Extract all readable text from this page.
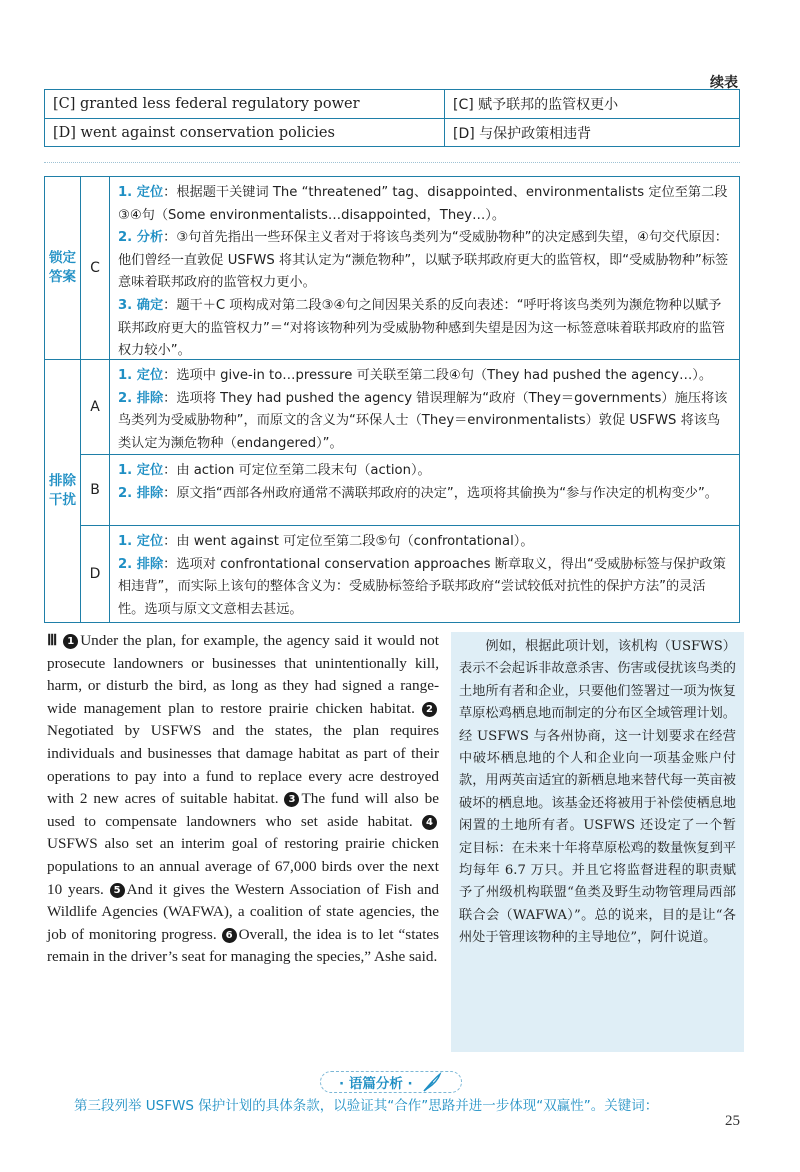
续表
[C] granted less federal regulatory power	[C] 赋予联邦的监管权更小
[D] went against conservation policies	[D] 与保护政策相违背
锁定答案
排除干扰
C
A
B
D
1. 定位：根据题干关键词 The “threatened” tag、disappointed、environmentalists 定位至第二段③④句（Some environmentalists…disappointed，They…）。
2. 分析：③句首先指出一些环保主义者对于将该鸟类列为“受威胁物种”的决定感到失望，④句交代原因：他们曾经一直敦促 USFWS 将其认定为“濒危物种”，以赋予联邦政府更大的监管权，即“受威胁物种”标签意味着联邦政府的监管权力更小。
3. 确定：题干＋C 项构成对第二段③④句之间因果关系的反向表述：“呼吁将该鸟类列为濒危物种以赋予联邦政府更大的监管权力”＝“对将该物种列为受威胁物种感到失望是因为这一标签意味着联邦政府的监管权力较小”。
1. 定位：选项中 give-in to…pressure 可关联至第二段④句（They had pushed the agency…）。
2. 排除：选项将 They had pushed the agency 错误理解为“政府（They＝governments）施压将该鸟类列为受威胁物种”，而原文的含义为“环保人士（They＝environmentalists）敦促 USFWS 将该鸟类认定为濒危物种（endangered）”。
1. 定位：由 action 可定位至第二段末句（action）。
2. 排除：原文指“西部各州政府通常不满联邦政府的决定”，选项将其偷换为“参与作决定的机构变少”。
1. 定位：由 went against 可定位至第二段⑤句（confrontational）。
2. 排除：选项对 confrontational conservation approaches 断章取义，得出“受威胁标签与保护政策相违背”，而实际上该句的整体含义为：受威胁标签给予联邦政府“尝试较低对抗性的保护方法”的灵活性。选项与原文文意相去甚远。
Ⅲ 1 Under the plan, for example, the agency said it would not prosecute landowners or businesses that unintentionally kill, harm, or disturb the bird, as long as they had signed a range-wide management plan to restore prairie chicken habitat. 2Negotiated by USFWS and the states, the plan requires individuals and businesses that damage habitat as part of their operations to pay into a fund to replace every acre destroyed with 2 new acres of suitable habitat. 3 The fund will also be used to compensate landowners who set aside habitat. 4USFWS also set an interim goal of restoring prairie chicken populations to an annual average of 67,000 birds over the next 10 years. 5 And it gives the Western Association of Fish and Wildlife Agencies (WAFWA), a coalition of state agencies, the job of monitoring progress. 6 Overall, the idea is to let “states remain in the driver’s seat for managing the species,” Ashe said.
例如，根据此项计划，该机构（USFWS）表示不会起诉非故意杀害、伤害或侵扰该鸟类的土地所有者和企业，只要他们签署过一项为恢复草原松鸡栖息地而制定的分布区全域管理计划。经 USFWS 与各州协商，这一计划要求在经营中破坏栖息地的个人和企业向一项基金账户付款，用两英亩适宜的新栖息地来替代每一英亩被破坏的栖息地。该基金还将被用于补偿使栖息地闲置的土地所有者。USFWS 还设定了一个暂定目标：在未来十年将草原松鸡的数量恢复到平均每年 6.7 万只。并且它将监督进程的职责赋予了州级机构联盟“鱼类及野生动物管理局西部联合会（WAFWA）”。总的说来，目的是让“各州处于管理该物种的主导地位”，阿什说道。
· 语篇分析 ·
第三段列举 USFWS 保护计划的具体条款，以验证其“合作”思路并进一步体现“双赢性”。关键词：
25
